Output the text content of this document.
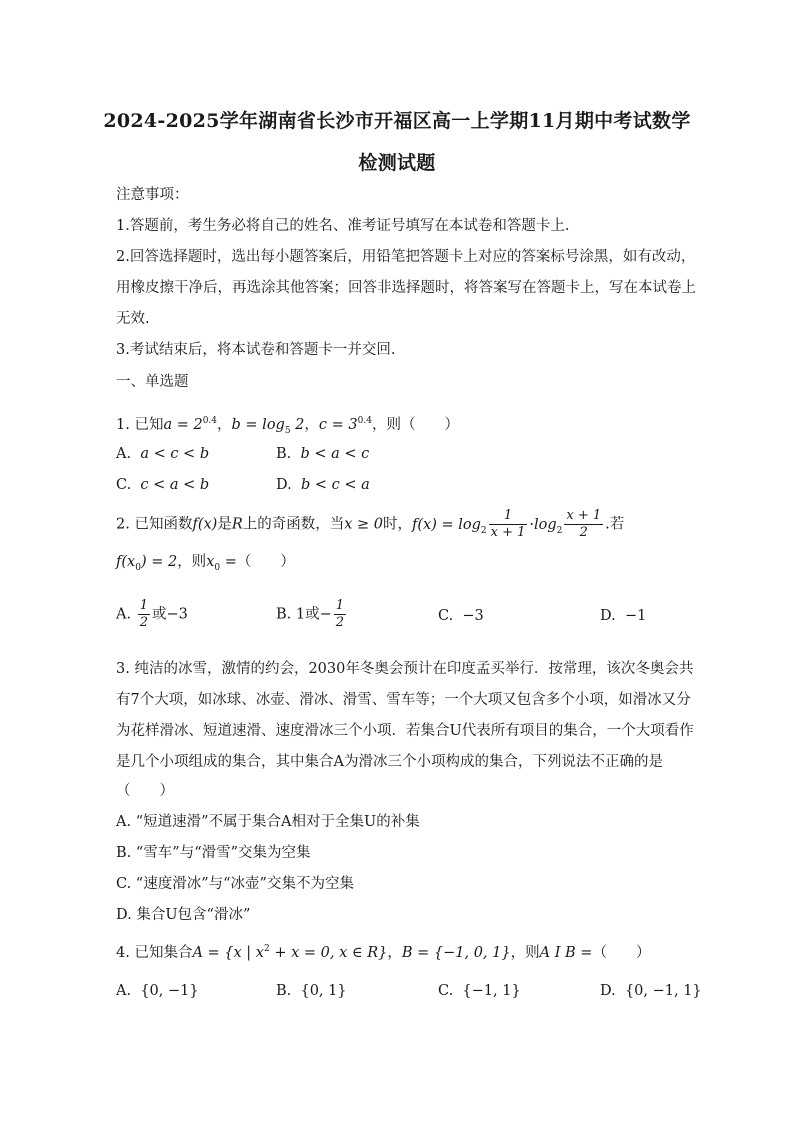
2024-2025学年湖南省长沙市开福区高一上学期11月期中考试数学
检测试题
注意事项：
1.答题前，考生务必将自己的姓名、准考证号填写在本试卷和答题卡上.
2.回答选择题时，选出每小题答案后，用铅笔把答题卡上对应的答案标号涂黑，如有改动，
用橡皮擦干净后，再选涂其他答案；回答非选择题时，将答案写在答题卡上，写在本试卷上
无效.
3.考试结束后，将本试卷和答题卡一并交回.
一、单选题
1. 已知$a = 2^{0.4}$，$b = \log_5 2$，$c = 3^{0.4}$，则（　　）
A. a < c < b	B. b < a < c
C. c < a < b	D. b < c < a
2. 已知函数f(x)是R上的奇函数，当x ≥ 0时，$f(x) = \log_2 \frac{1}{x + 1} \cdot\log_2 \frac{x + 1}{2}$ .若
$f(x_0) = 2$，则$x_0$ =（　　）
A. $\frac{1}{2}$ 或−3	B. 1或− $\frac{1}{2}$	C. −3	D. −1
3. 纯洁的冰雪，激情的约会，2030年冬奥会预计在印度孟买举行．按常理，该次冬奥会共
有7个大项，如冰球、冰壶、滑冰、滑雪、雪车等；一个大项又包含多个小项，如滑冰又分
为花样滑冰、短道速滑、速度滑冰三个小项．若集合U代表所有项目的集合，一个大项看作
是几个小项组成的集合，其中集合A为滑冰三个小项构成的集合，下列说法不正确的是
（　　）
A. “短道速滑”不属于集合A相对于全集U的补集
B. “雪车”与“滑雪”交集为空集
C. “速度滑冰”与“冰壶”交集不为空集
D. 集合U包含“滑冰”
4. 已知集合A = {x | $x^2 + x = 0$, x ∈ R}，B = {−1, 0, 1}，则A I B =（　　）
A. {0, −1}	B. {0, 1}	C. {−1, 1}	D. {0, −1, 1}
